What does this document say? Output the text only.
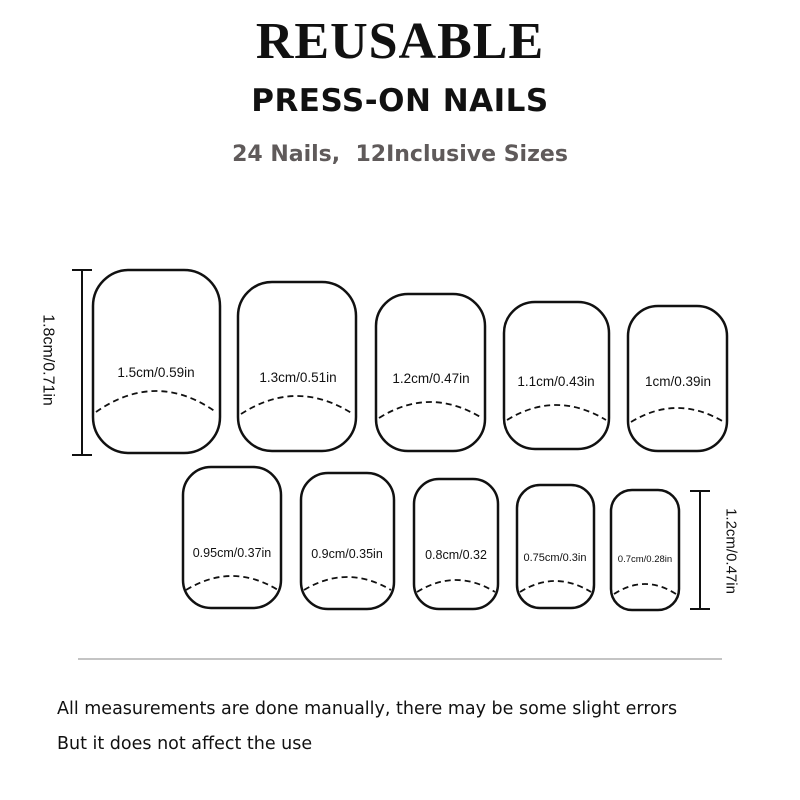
REUSABLE
PRESS-ON NAILS
24 Nails,  12Inclusive Sizes
1.8cm/0.71in	1.5cm/0.59in	1.3cm/0.51in	1.2cm/0.47in	1.1cm/0.43in	1cm/0.39in
0.95cm/0.37in	0.9cm/0.35in	0.8cm/0.32	0.75cm/0.3in	0.7cm/0.28in	1.2cm/0.47in
All measurements are done manually, there may be some slight errors
But it does not affect the use
